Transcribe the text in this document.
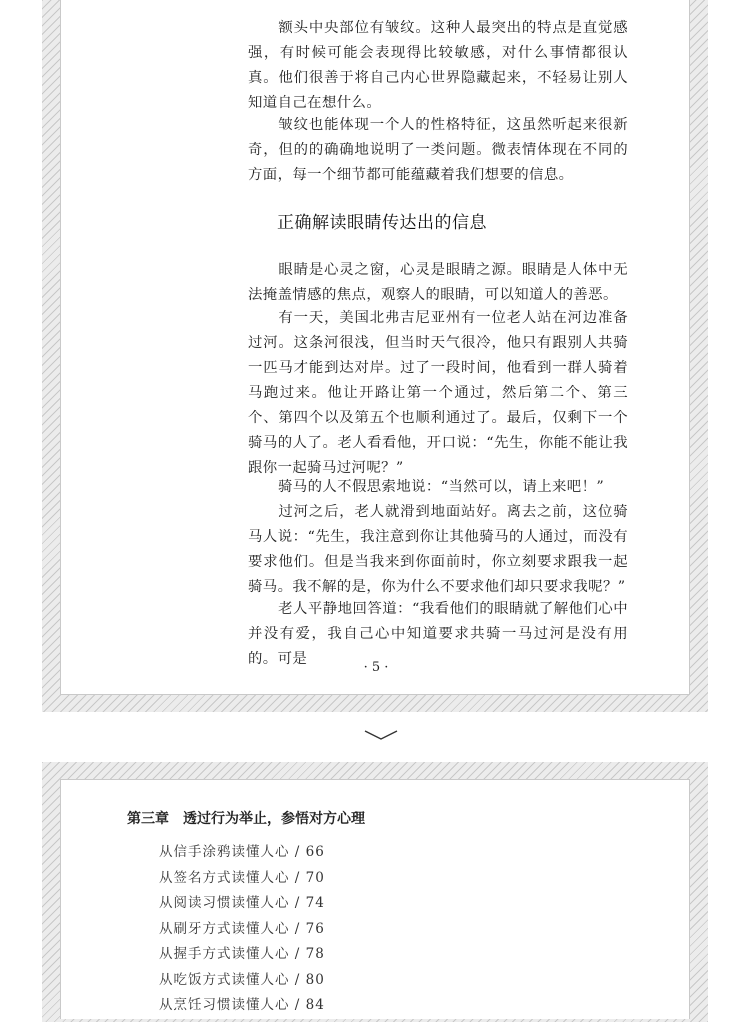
额头中央部位有皱纹。这种人最突出的特点是直觉感强，有时候可能会表现得比较敏感，对什么事情都很认真。他们很善于将自己内心世界隐藏起来，不轻易让别人知道自己在想什么。

皱纹也能体现一个人的性格特征，这虽然听起来很新奇，但的的确确地说明了一类问题。微表情体现在不同的方面，每一个细节都可能蕴藏着我们想要的信息。

正确解读眼睛传达出的信息

眼睛是心灵之窗，心灵是眼睛之源。眼睛是人体中无法掩盖情感的焦点，观察人的眼睛，可以知道人的善恶。

有一天，美国北弗吉尼亚州有一位老人站在河边准备过河。这条河很浅，但当时天气很冷，他只有跟别人共骑一匹马才能到达对岸。过了一段时间，他看到一群人骑着马跑过来。他让开路让第一个通过，然后第二个、第三个、第四个以及第五个也顺利通过了。最后，仅剩下一个骑马的人了。老人看看他，开口说：“先生，你能不能让我跟你一起骑马过河呢？”

骑马的人不假思索地说：“当然可以，请上来吧！”

过河之后，老人就滑到地面站好。离去之前，这位骑马人说：“先生，我注意到你让其他骑马的人通过，而没有要求他们。但是当我来到你面前时，你立刻要求跟我一起骑马。我不解的是，你为什么不要求他们却只要求我呢？”

老人平静地回答道：“我看他们的眼睛就了解他们心中并没有爱，我自己心中知道要求共骑一马过河是没有用的。可是

· 5 ·
第三章 透过行为举止，参悟对方心理

从信手涂鸦读懂人心 / 66

从签名方式读懂人心 / 70

从阅读习惯读懂人心 / 74

从刷牙方式读懂人心 / 76

从握手方式读懂人心 / 78

从吃饭方式读懂人心 / 80

从烹饪习惯读懂人心 / 84
